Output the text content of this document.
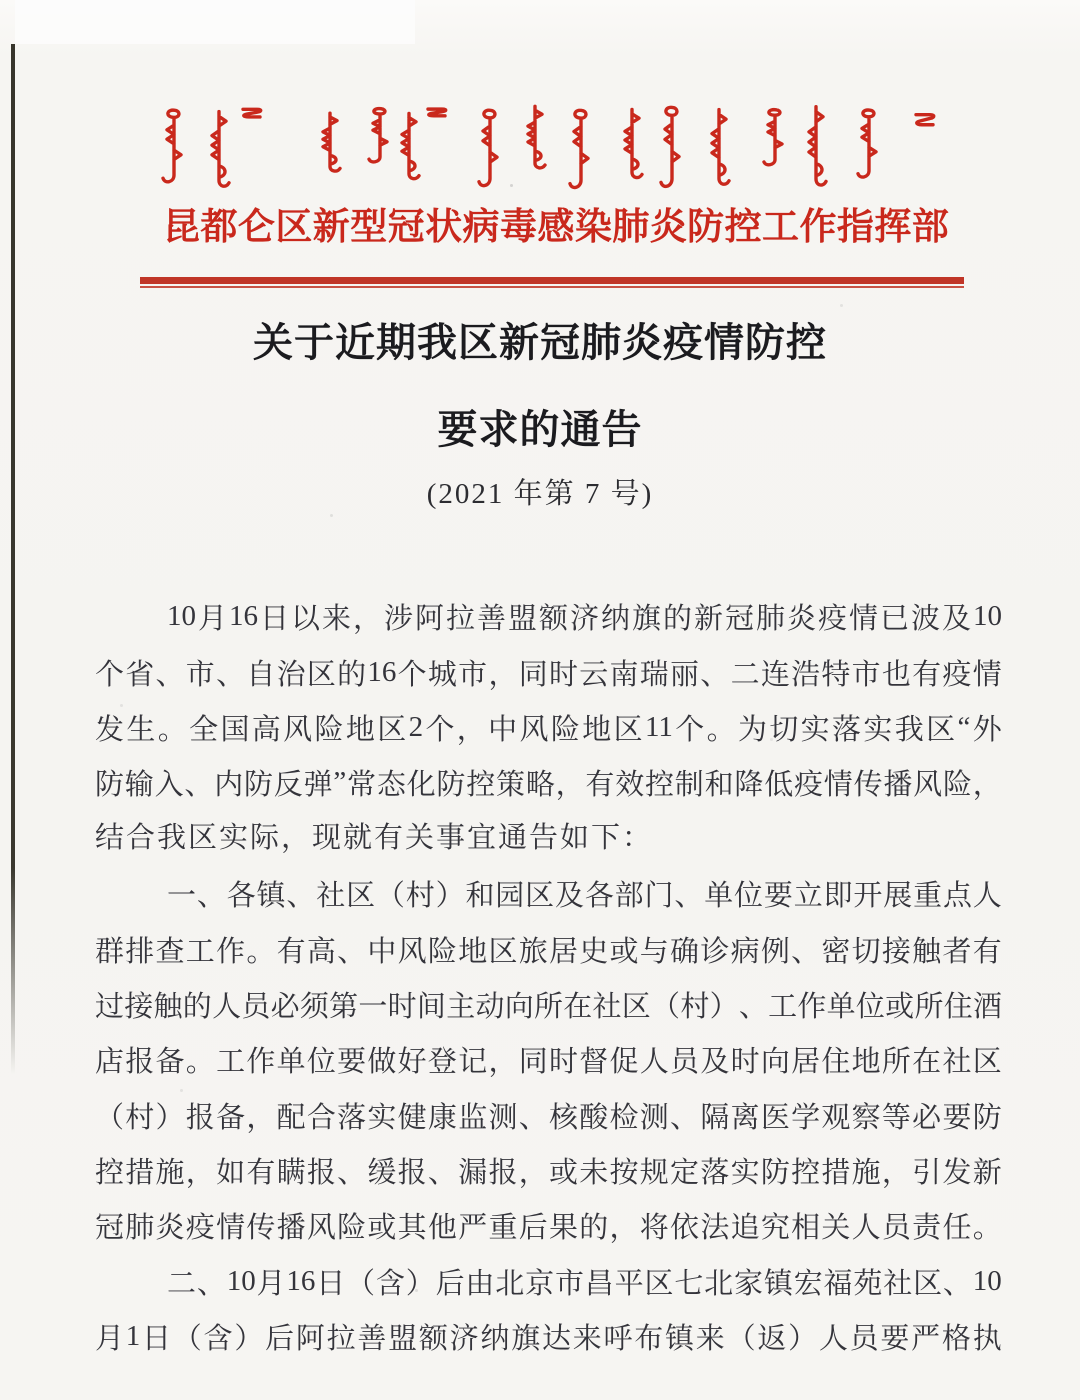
昆 都 仑 区 新 型 冠 状 病 毒 感 染 肺 炎 防 控 工 作 指 挥 部
关于近期我区新冠肺炎疫情防控
要求的通告
(2021 年第 7 号)
10 月 16 日 以 来 ， 涉 阿 拉 善 盟 额 济 纳 旗 的 新 冠 肺 炎 疫 情 已 波 及 10
个 省 、 市 、 自 治 区 的 16 个 城 市 ， 同 时 云 南 瑞 丽 、 二 连 浩 特 市 也 有 疫 情
发 生 。 全 国 高 风 险 地 区 2 个 ， 中 风 险 地 区 11 个 。 为 切 实 落 实 我 区 “ 外
防 输 入 、 内 防 反 弹 ” 常 态 化 防 控 策 略 ， 有 效 控 制 和 降 低 疫 情 传 播 风 险 ，
结合我区实际，现就有关事宜通告如下：
一 、 各 镇 、 社 区 （ 村 ） 和 园 区 及 各 部 门 、 单 位 要 立 即 开 展 重 点 人
群 排 查 工 作 。 有 高 、 中 风 险 地 区 旅 居 史 或 与 确 诊 病 例 、 密 切 接 触 者 有
过 接 触 的 人 员 必 须 第 一 时 间 主 动 向 所 在 社 区 （ 村 ） 、 工 作 单 位 或 所 住 酒
店 报 备 。 工 作 单 位 要 做 好 登 记 ， 同 时 督 促 人 员 及 时 向 居 住 地 所 在 社 区
（ 村 ） 报 备 ， 配 合 落 实 健 康 监 测 、 核 酸 检 测 、 隔 离 医 学 观 察 等 必 要 防
控 措 施 ， 如 有 瞒 报 、 缓 报 、 漏 报 ， 或 未 按 规 定 落 实 防 控 措 施 ， 引 发 新
冠 肺 炎 疫 情 传 播 风 险 或 其 他 严 重 后 果 的 ， 将 依 法 追 究 相 关 人 员 责 任 。
二 、 10 月 16 日 （ 含 ） 后 由 北 京 市 昌 平 区 七 北 家 镇 宏 福 苑 社 区 、 10
月 1 日 （ 含 ） 后 阿 拉 善 盟 额 济 纳 旗 达 来 呼 布 镇 来 （ 返 ） 人 员 要 严 格 执
